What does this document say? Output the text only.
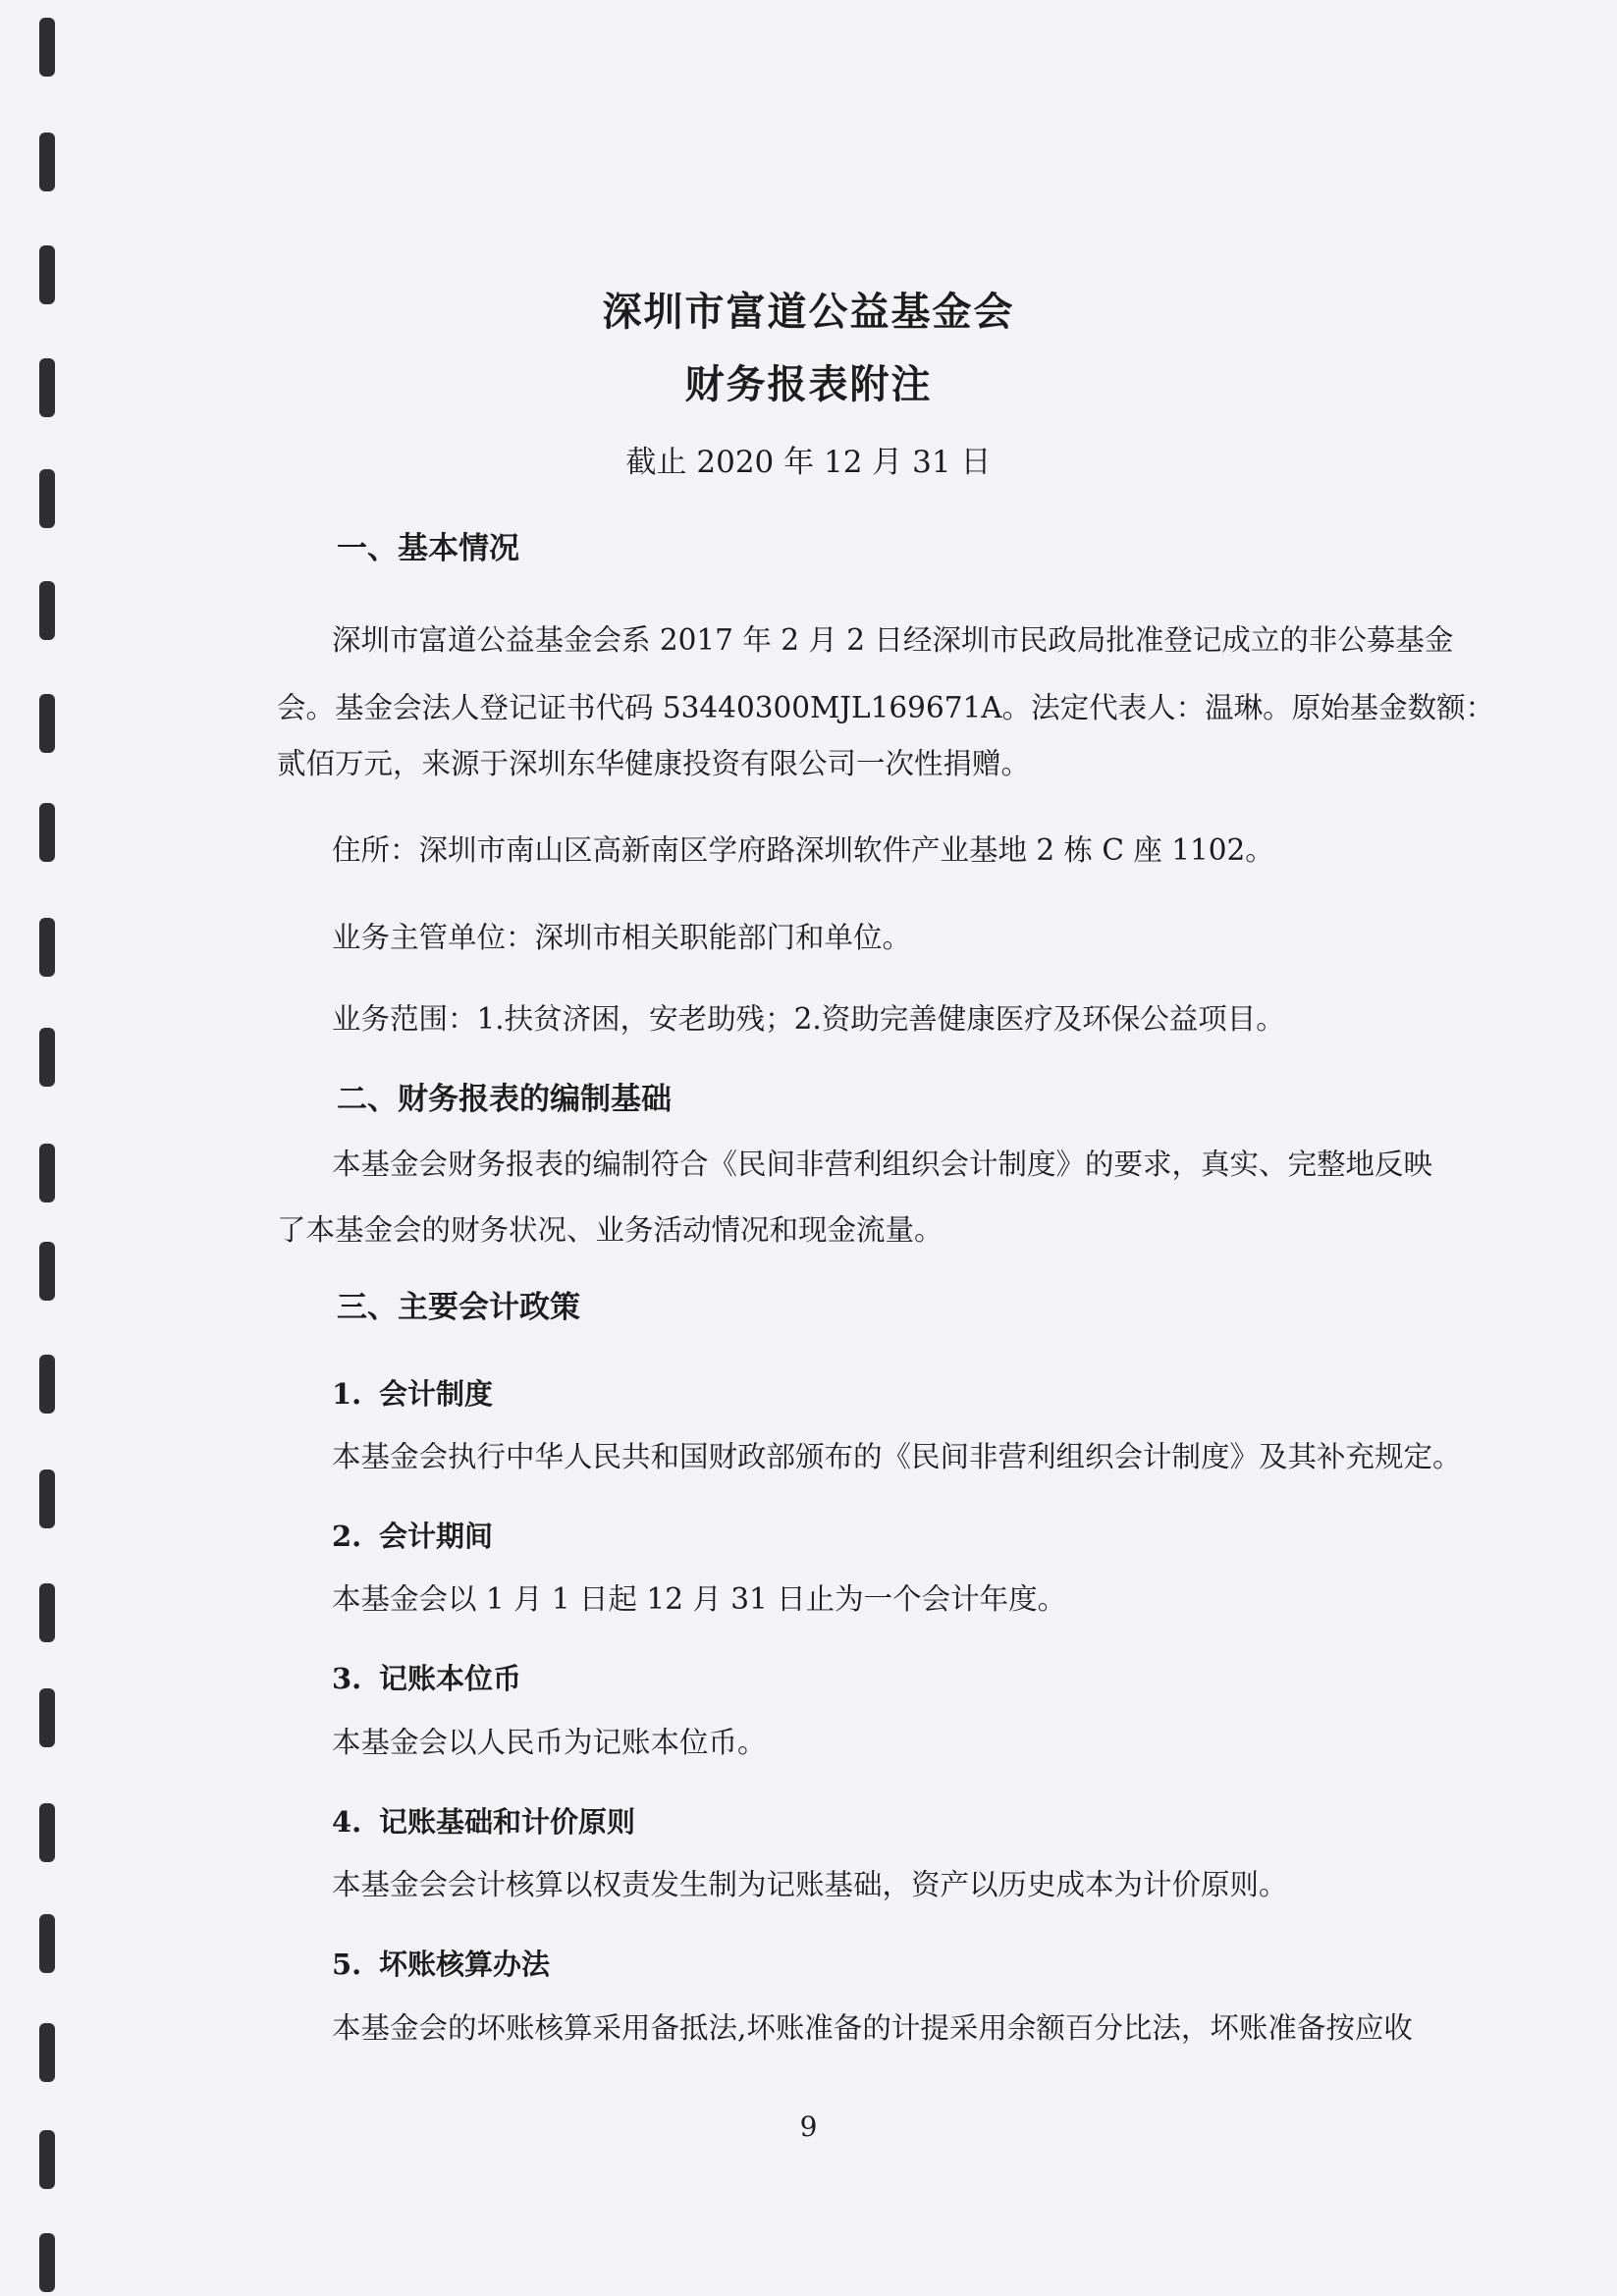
深圳市富道公益基金会
财务报表附注
截止 2020 年 12 月 31 日
一、基本情况
深圳市富道公益基金会系 2017 年 2 月 2 日经深圳市民政局批准登记成立的非公募基金
会。基金会法人登记证书代码 53440300MJL169671A。法定代表人：温琳。原始基金数额：
贰佰万元，来源于深圳东华健康投资有限公司一次性捐赠。
住所：深圳市南山区高新南区学府路深圳软件产业基地 2 栋 C 座 1102。
业务主管单位：深圳市相关职能部门和单位。
业务范围：1.扶贫济困，安老助残；2.资助完善健康医疗及环保公益项目。
二、财务报表的编制基础
本基金会财务报表的编制符合《民间非营利组织会计制度》的要求，真实、完整地反映
了本基金会的财务状况、业务活动情况和现金流量。
三、主要会计政策
1. 会计制度
本基金会执行中华人民共和国财政部颁布的《民间非营利组织会计制度》及其补充规定。
2. 会计期间
本基金会以 1 月 1 日起 12 月 31 日止为一个会计年度。
3. 记账本位币
本基金会以人民币为记账本位币。
4. 记账基础和计价原则
本基金会会计核算以权责发生制为记账基础，资产以历史成本为计价原则。
5. 坏账核算办法
本基金会的坏账核算采用备抵法,坏账准备的计提采用余额百分比法，坏账准备按应收
9
